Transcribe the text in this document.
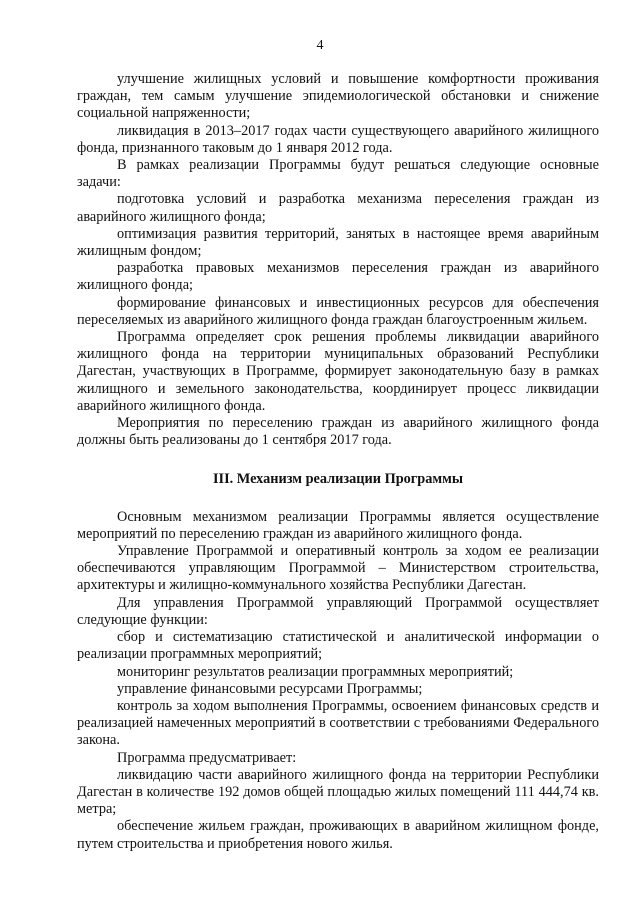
4

улучшение жилищных условий и повышение комфортности проживания граждан, тем самым улучшение эпидемиологической обстановки и снижение социальной напряженности;

ликвидация в 2013–2017 годах части существующего аварийного жилищного фонда, признанного таковым до 1 января 2012 года.

В рамках реализации Программы будут решаться следующие основные задачи:

подготовка условий и разработка механизма переселения граждан из аварийного жилищного фонда;

оптимизация развития территорий, занятых в настоящее время аварийным жилищным фондом;

разработка правовых механизмов переселения граждан из аварийного жилищного фонда;

формирование финансовых и инвестиционных ресурсов для обеспечения переселяемых из аварийного жилищного фонда граждан благоустроенным жильем.

Программа определяет срок решения проблемы ликвидации аварийного жилищного фонда на территории муниципальных образований Республики Дагестан, участвующих в Программе, формирует законодательную базу в рамках жилищного и земельного законодательства, координирует процесс ликвидации аварийного жилищного фонда.

Мероприятия по переселению граждан из аварийного жилищного фонда должны быть реализованы до 1 сентября 2017 года.

III. Механизм реализации Программы

Основным механизмом реализации Программы является осуществление мероприятий по переселению граждан из аварийного жилищного фонда.

Управление Программой и оперативный контроль за ходом ее реализации обеспечиваются управляющим Программой – Министерством строительства, архитектуры и жилищно-коммунального хозяйства Республики Дагестан.

Для управления Программой управляющий Программой осуществляет следующие функции:

сбор и систематизацию статистической и аналитической информации о реализации программных мероприятий;

мониторинг результатов реализации программных мероприятий;

управление финансовыми ресурсами Программы;

контроль за ходом выполнения Программы, освоением финансовых средств и реализацией намеченных мероприятий в соответствии с требованиями Федерального закона.

Программа предусматривает:

ликвидацию части аварийного жилищного фонда на территории Республики Дагестан в количестве 192 домов общей площадью жилых помещений 111 444,74 кв. метра;

обеспечение жильем граждан, проживающих в аварийном жилищном фонде, путем строительства и приобретения нового жилья.
